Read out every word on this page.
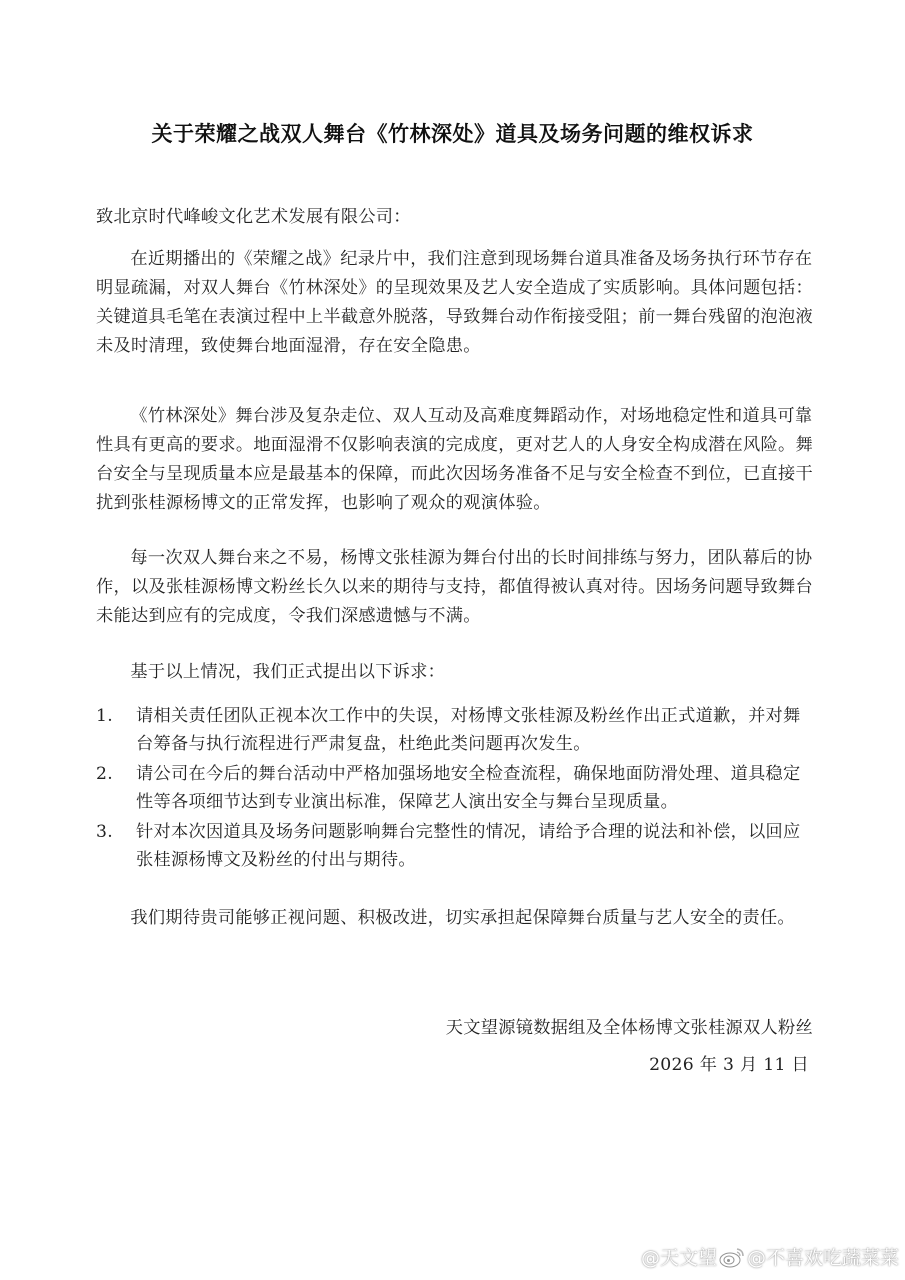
关于荣耀之战双人舞台《竹林深处》道具及场务问题的维权诉求
致北京时代峰峻文化艺术发展有限公司：

在近期播出的《荣耀之战》纪录片中，我们注意到现场舞台道具准备及场务执行环节存在明显疏漏，对双人舞台《竹林深处》的呈现效果及艺人安全造成了实质影响。具体问题包括：关键道具毛笔在表演过程中上半截意外脱落，导致舞台动作衔接受阻；前一舞台残留的泡泡液未及时清理，致使舞台地面湿滑，存在安全隐患。

《竹林深处》舞台涉及复杂走位、双人互动及高难度舞蹈动作，对场地稳定性和道具可靠性具有更高的要求。地面湿滑不仅影响表演的完成度，更对艺人的人身安全构成潜在风险。舞台安全与呈现质量本应是最基本的保障，而此次因场务准备不足与安全检查不到位，已直接干扰到张桂源杨博文的正常发挥，也影响了观众的观演体验。

每一次双人舞台来之不易，杨博文张桂源为舞台付出的长时间排练与努力，团队幕后的协作，以及张桂源杨博文粉丝长久以来的期待与支持，都值得被认真对待。因场务问题导致舞台未能达到应有的完成度，令我们深感遗憾与不满。

基于以上情况，我们正式提出以下诉求：

1.	请相关责任团队正视本次工作中的失误，对杨博文张桂源及粉丝作出正式道歉，并对舞台筹备与执行流程进行严肃复盘，杜绝此类问题再次发生。
2.	请公司在今后的舞台活动中严格加强场地安全检查流程，确保地面防滑处理、道具稳定性等各项细节达到专业演出标准，保障艺人演出安全与舞台呈现质量。
3.	针对本次因道具及场务问题影响舞台完整性的情况，请给予合理的说法和补偿，以回应张桂源杨博文及粉丝的付出与期待。

我们期待贵司能够正视问题、积极改进，切实承担起保障舞台质量与艺人安全的责任。

天文望源镜数据组及全体杨博文张桂源双人粉丝
2026 年 3 月 11 日
@天文望 @不喜欢吃蔬菜菜
